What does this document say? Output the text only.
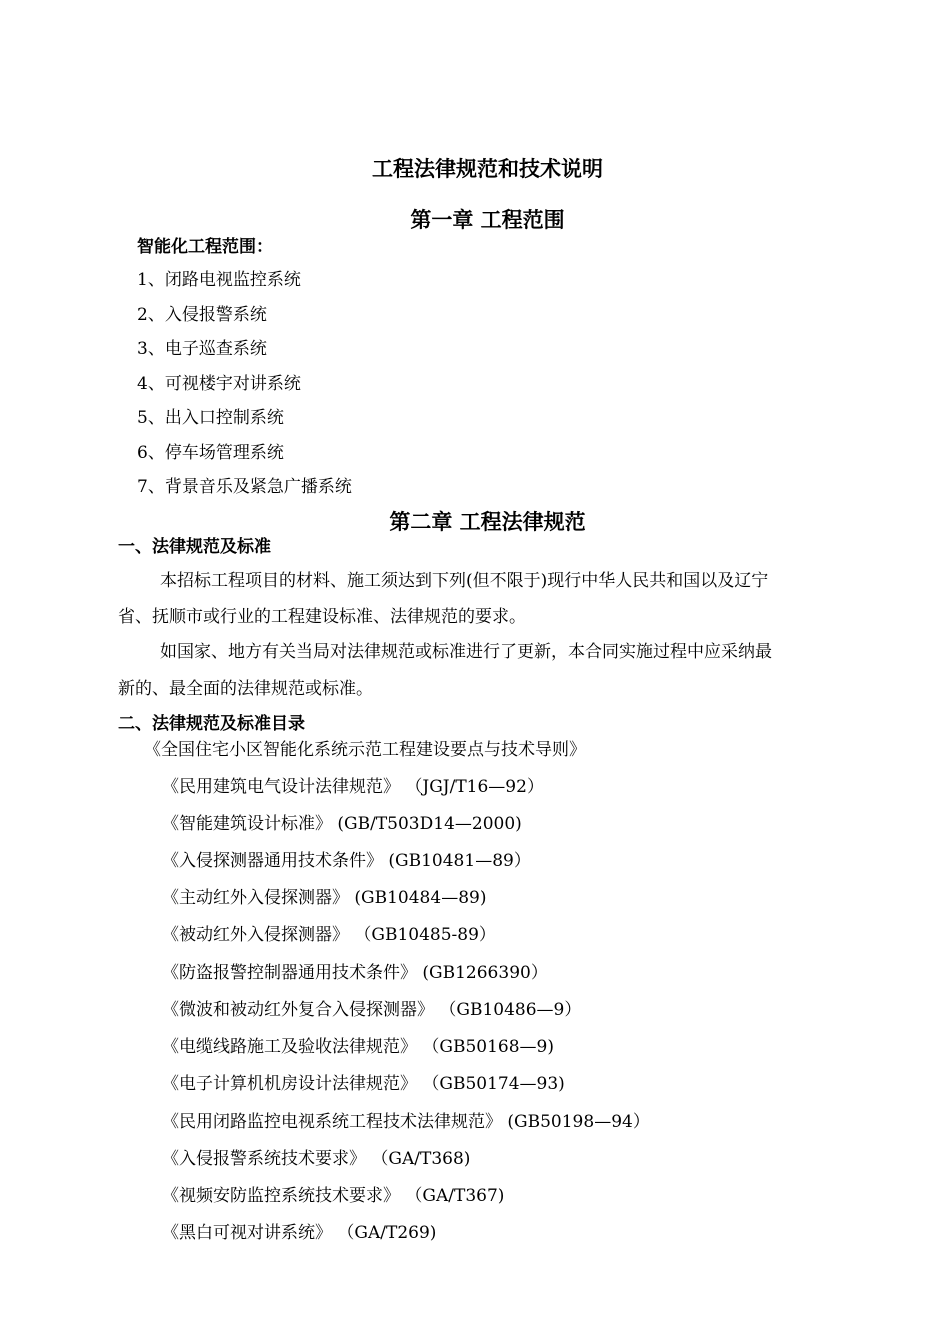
工程法律规范和技术说明
第一章 工程范围
智能化工程范围：
1、闭路电视监控系统
2、入侵报警系统
3、电子巡查系统
4、可视楼宇对讲系统
5、出入口控制系统
6、停车场管理系统
7、背景音乐及紧急广播系统
第二章 工程法律规范
一、法律规范及标准
本招标工程项目的材料、施工须达到下列(但不限于)现行中华人民共和国以及辽宁
省、抚顺市或行业的工程建设标准、法律规范的要求。
如国家、地方有关当局对法律规范或标准进行了更新，本合同实施过程中应采纳最
新的、最全面的法律规范或标准。
二、法律规范及标准目录
《全国住宅小区智能化系统示范工程建设要点与技术导则》
《民用建筑电气设计法律规范》 （JGJ/T16—92）
《智能建筑设计标准》 (GB/T503D14—2000)
《入侵探测器通用技术条件》 (GB10481—89）
《主动红外入侵探测器》 (GB10484—89)
《被动红外入侵探测器》 （GB10485-89）
《防盗报警控制器通用技术条件》 (GB1266390）
《微波和被动红外复合入侵探测器》 （GB10486—9）
《电缆线路施工及验收法律规范》 （GB50168—9)
《电子计算机机房设计法律规范》 （GB50174—93)
《民用闭路监控电视系统工程技术法律规范》 (GB50198—94）
《入侵报警系统技术要求》 （GA/T368)
《视频安防监控系统技术要求》 （GA/T367)
《黑白可视对讲系统》 （GA/T269)
